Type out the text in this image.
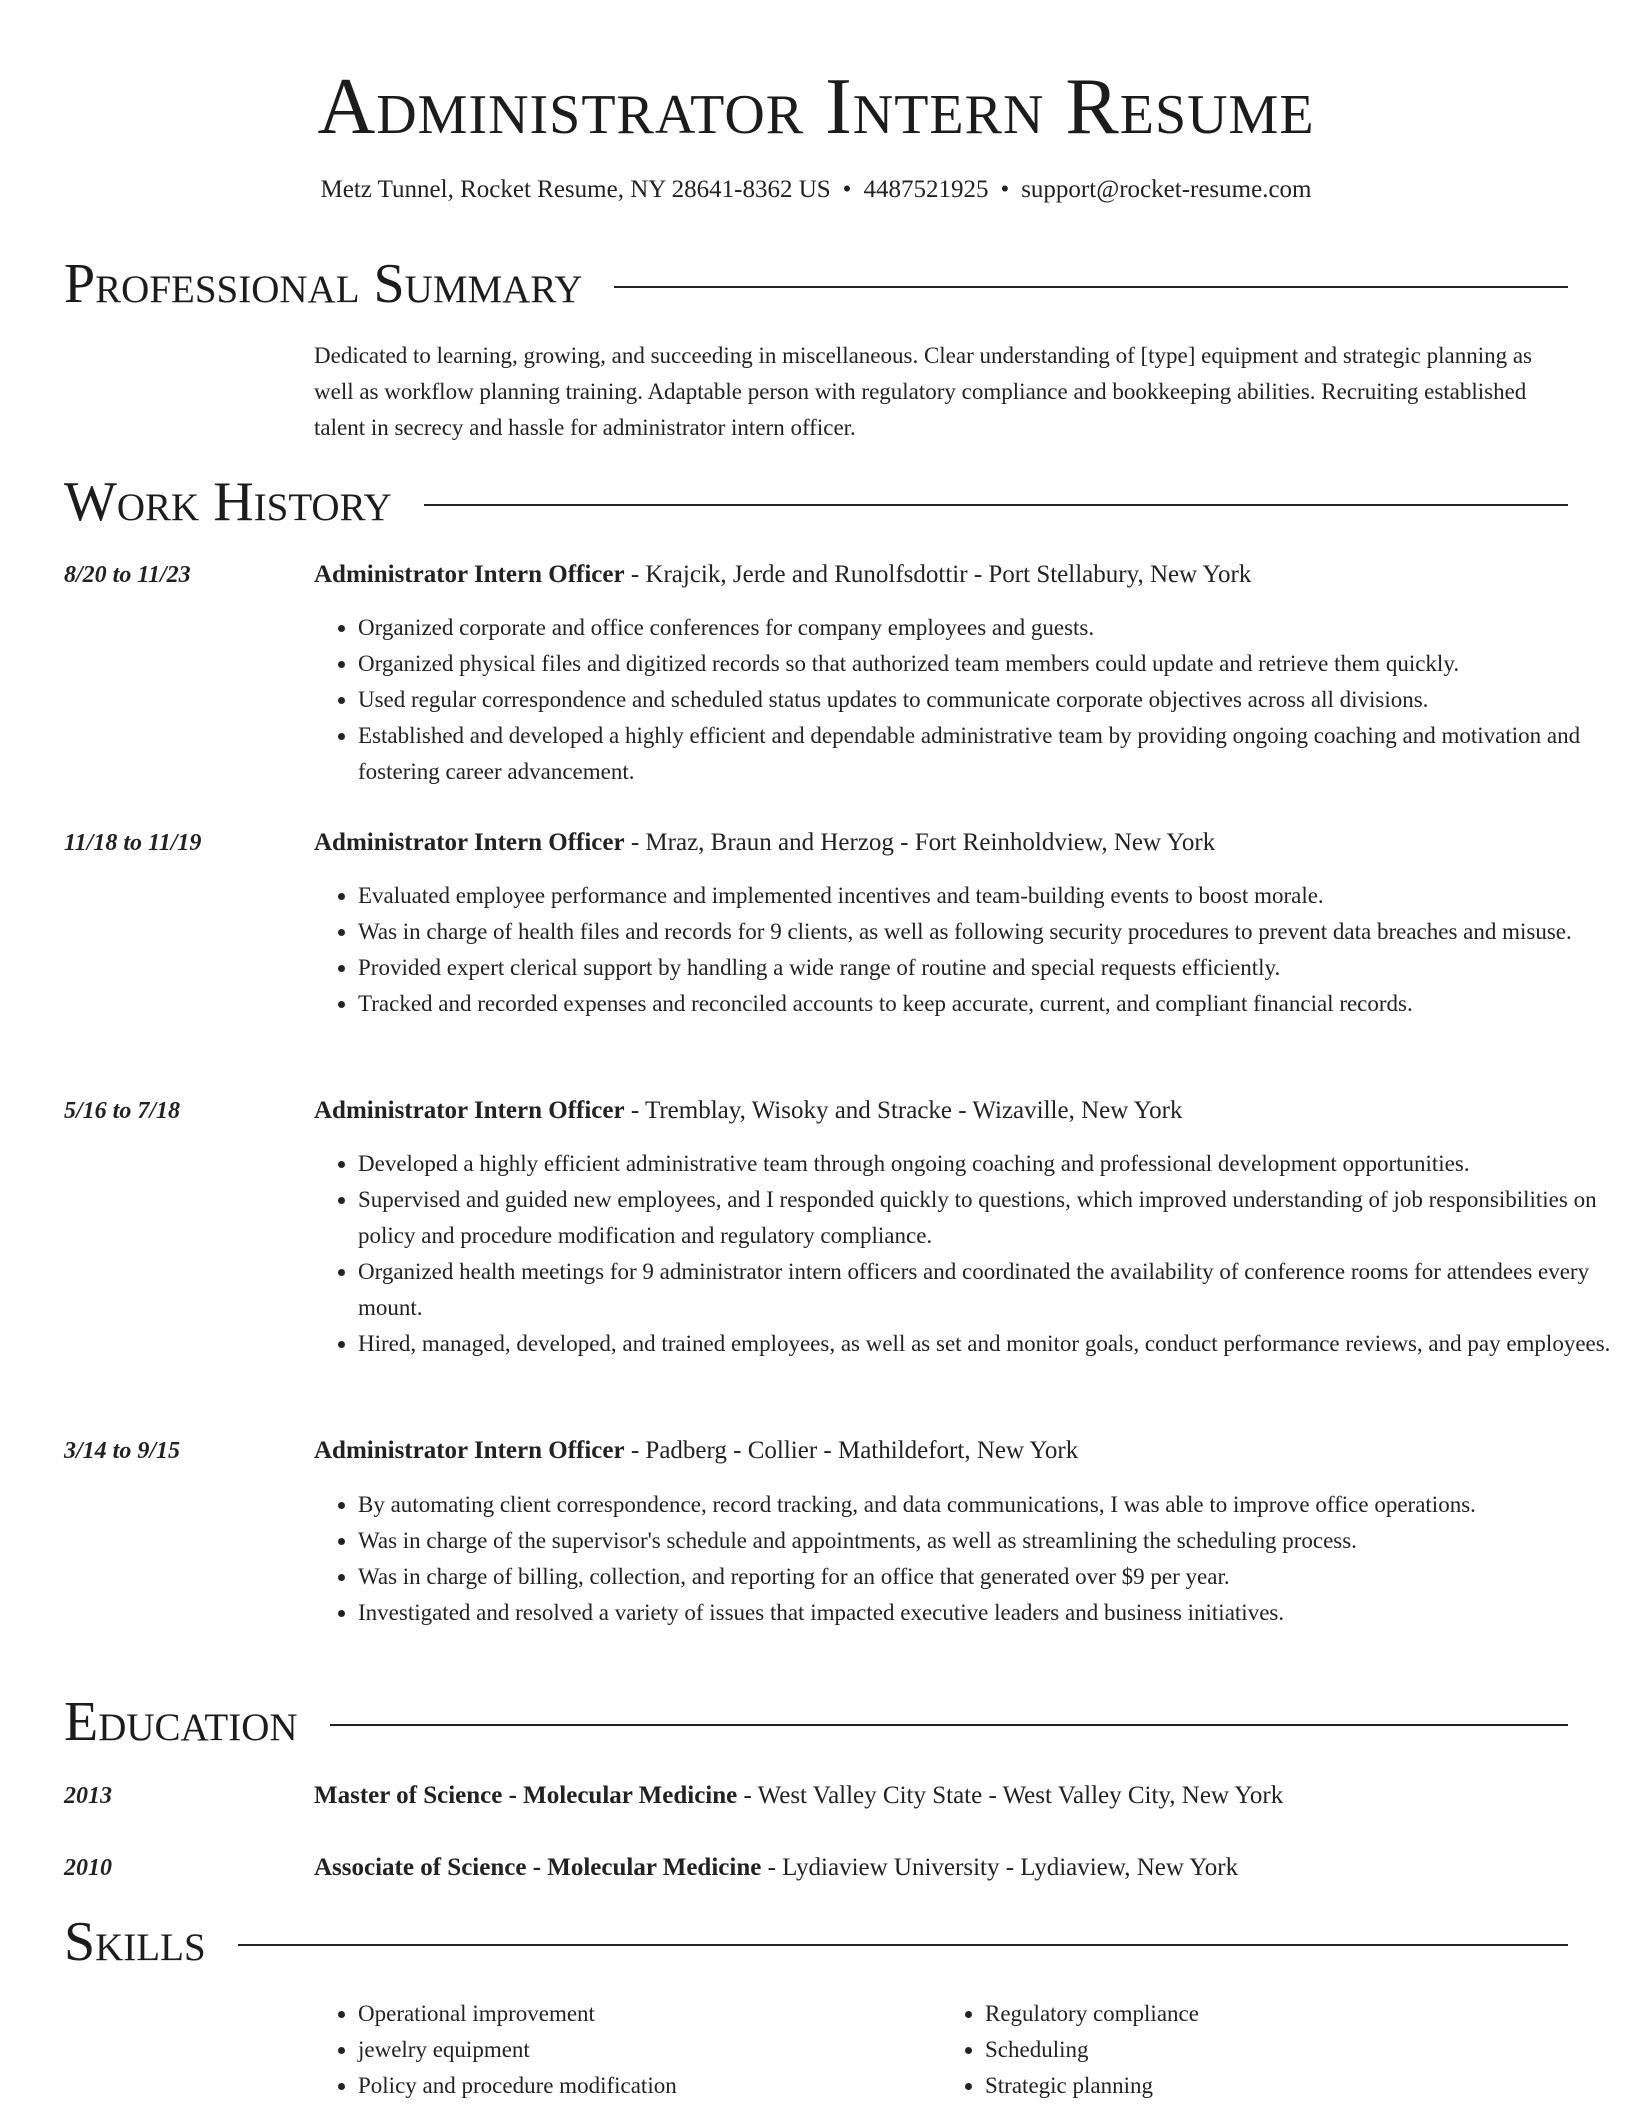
Administrator Intern Resume
Metz Tunnel, Rocket Resume, NY 28641-8362 US • 4487521925 • support@rocket-resume.com
Professional Summary

Dedicated to learning, growing, and succeeding in miscellaneous. Clear understanding of [type] equipment and strategic planning as well as workflow planning training. Adaptable person with regulatory compliance and bookkeeping abilities. Recruiting established talent in secrecy and hassle for administrator intern officer.

Work History
8/20 to 11/23	Administrator Intern Officer - Krajcik, Jerde and Runolfsdottir - Port Stellabury, New York
• Organized corporate and office conferences for company employees and guests.
• Organized physical files and digitized records so that authorized team members could update and retrieve them quickly.
• Used regular correspondence and scheduled status updates to communicate corporate objectives across all divisions.
• Established and developed a highly efficient and dependable administrative team by providing ongoing coaching and motivation and fostering career advancement.
11/18 to 11/19	Administrator Intern Officer - Mraz, Braun and Herzog - Fort Reinholdview, New York
• Evaluated employee performance and implemented incentives and team-building events to boost morale.
• Was in charge of health files and records for 9 clients, as well as following security procedures to prevent data breaches and misuse.
• Provided expert clerical support by handling a wide range of routine and special requests efficiently.
• Tracked and recorded expenses and reconciled accounts to keep accurate, current, and compliant financial records.
5/16 to 7/18	Administrator Intern Officer - Tremblay, Wisoky and Stracke - Wizaville, New York
• Developed a highly efficient administrative team through ongoing coaching and professional development opportunities.
• Supervised and guided new employees, and I responded quickly to questions, which improved understanding of job responsibilities on policy and procedure modification and regulatory compliance.
• Organized health meetings for 9 administrator intern officers and coordinated the availability of conference rooms for attendees every mount.
• Hired, managed, developed, and trained employees, as well as set and monitor goals, conduct performance reviews, and pay employees.
3/14 to 9/15	Administrator Intern Officer - Padberg - Collier - Mathildefort, New York
• By automating client correspondence, record tracking, and data communications, I was able to improve office operations.
• Was in charge of the supervisor's schedule and appointments, as well as streamlining the scheduling process.
• Was in charge of billing, collection, and reporting for an office that generated over $9 per year.
• Investigated and resolved a variety of issues that impacted executive leaders and business initiatives.
Education
2013	Master of Science - Molecular Medicine - West Valley City State - West Valley City, New York
2010	Associate of Science - Molecular Medicine - Lydiaview University - Lydiaview, New York
Skills
• Operational improvement
• jewelry equipment
• Policy and procedure modification
• Regulatory compliance
• Scheduling
• Strategic planning
